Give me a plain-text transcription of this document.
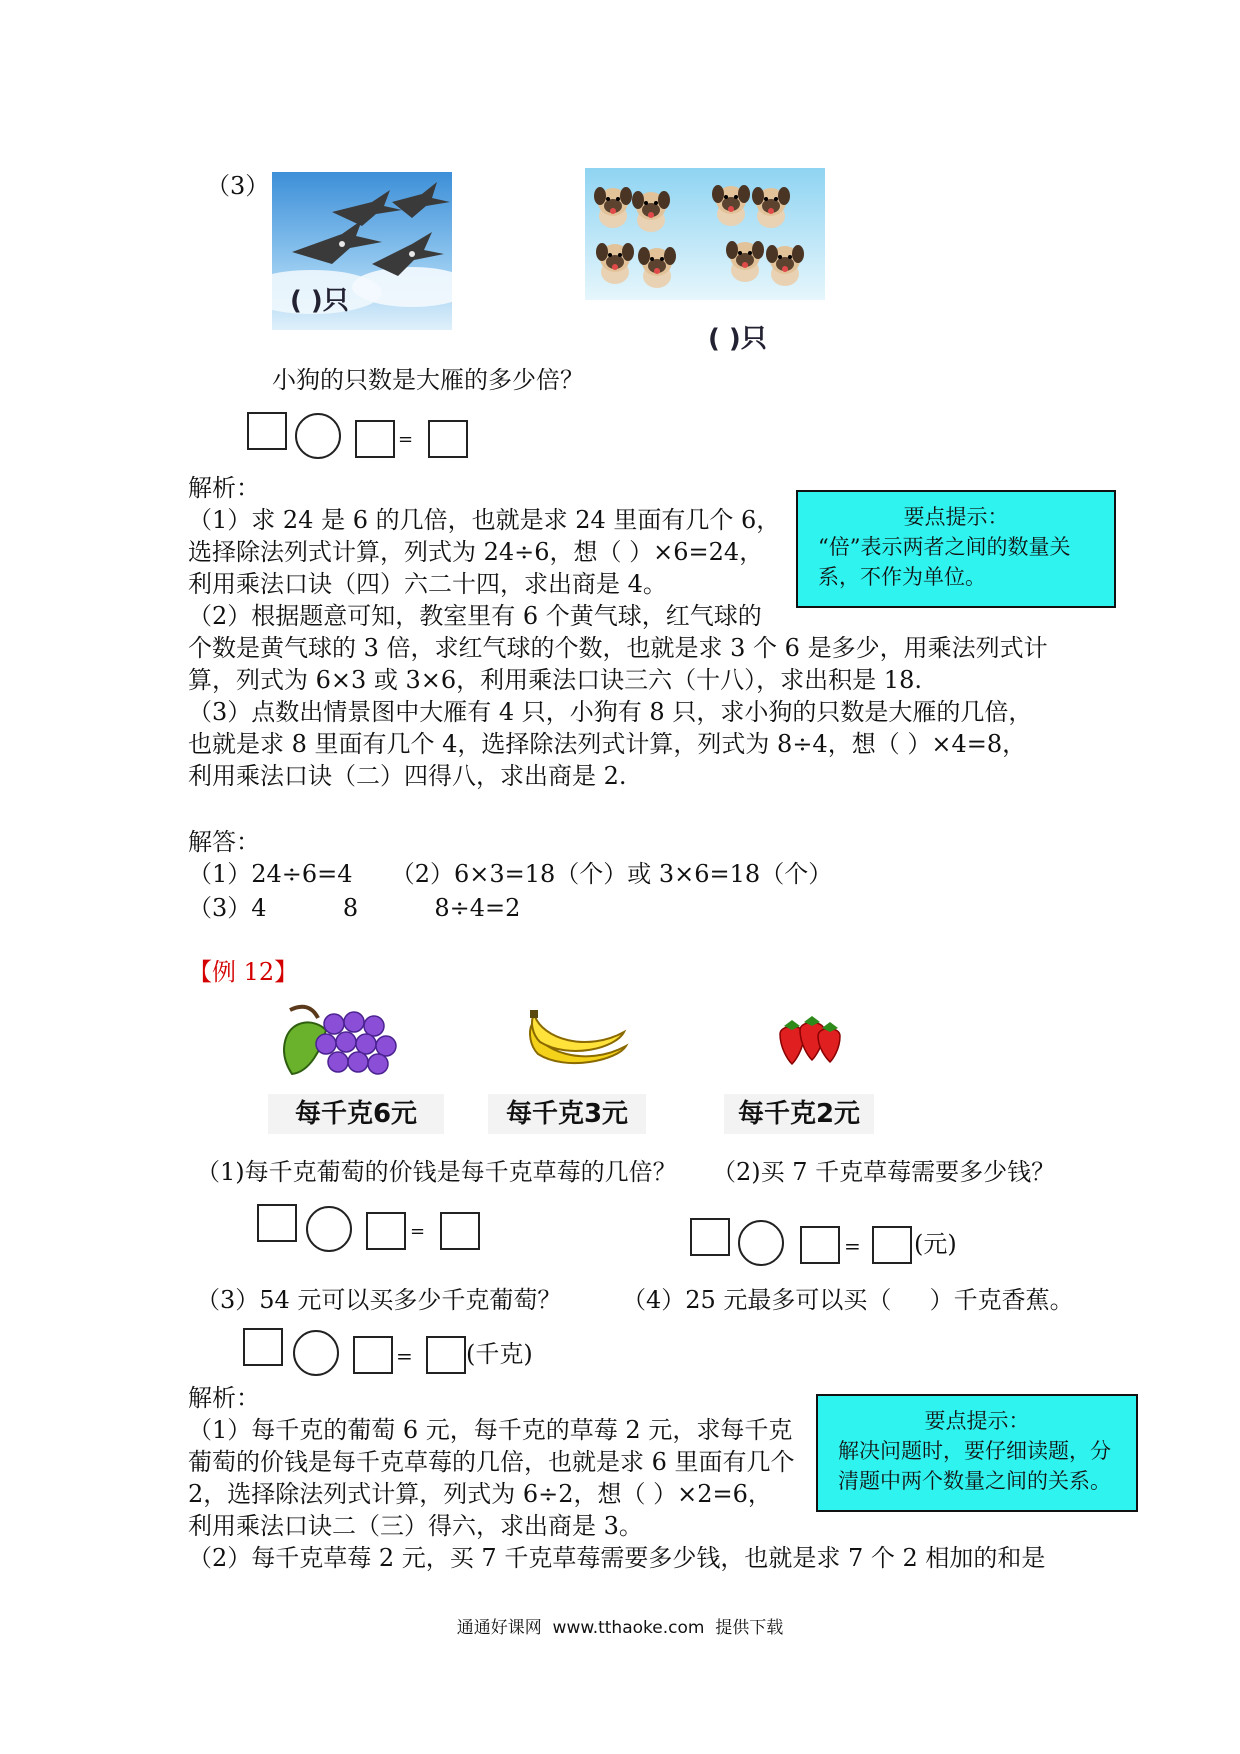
（3）
( )只
( )只
小狗的只数是大雁的多少倍？
=
解析：
（1）求 24 是 6 的几倍，也就是求 24 里面有几个 6，
选择除法列式计算，列式为 24÷6，想（ ）×6=24，
利用乘法口诀（四）六二十四，求出商是 4。
（2）根据题意可知，教室里有 6 个黄气球，红气球的
个数是黄气球的 3 倍，求红气球的个数，也就是求 3 个 6 是多少，用乘法列式计
算，列式为 6×3 或 3×6，利用乘法口诀三六（十八），求出积是 18.
（3）点数出情景图中大雁有 4 只，小狗有 8 只，求小狗的只数是大雁的几倍，
也就是求 8 里面有几个 4，选择除法列式计算，列式为 8÷4，想（ ）×4=8，
利用乘法口诀（二）四得八，求出商是 2.
要点提示：
“倍”表示两者之间的数量关
系，不作为单位。
解答：
（1）24÷6=4     （2）6×3=18（个）或 3×6=18（个）
（3）4          8          8÷4=2
【例 12】
每千克6元	每千克3元	每千克2元
（1)每千克葡萄的价钱是每千克草莓的几倍？ （2)买 7 千克草莓需要多少钱？
=
= (元)
（3）54 元可以买多少千克葡萄？	（4）25 元最多可以买（     ）千克香蕉。
= (千克)
解析：
（1）每千克的葡萄 6 元，每千克的草莓 2 元，求每千克
葡萄的价钱是每千克草莓的几倍，也就是求 6 里面有几个
2，选择除法列式计算，列式为 6÷2，想（ ）×2=6，
利用乘法口诀二（三）得六，求出商是 3。
（2）每千克草莓 2 元，买 7 千克草莓需要多少钱，也就是求 7 个 2 相加的和是
要点提示：
解决问题时，要仔细读题，分
清题中两个数量之间的关系。
通通好课网  www.tthaoke.com  提供下载
